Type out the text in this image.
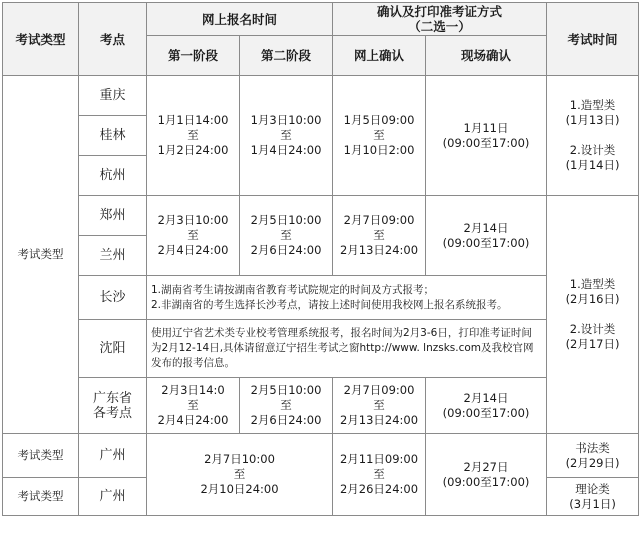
考试类型	考点	网上报名时间		确认及打印准考证方式
（二选一）		考试时间
		第一阶段	第二阶段	网上确认	现场确认	
考试类型	重庆	1月1日14:00
至
1月2日24:00	1月3日10:00
至
1月4日24:00	1月5日09:00
至
1月10日2:00	1月11日
(09:00至17:00)	1.造型类
(1月13日)

2.设计类
(1月14日)
	桂林					
	杭州					
	郑州	2月3日10:00
至
2月4日24:00	2月5日10:00
至
2月6日24:00	2月7日09:00
至
2月13日24:00	2月14日
(09:00至17:00)	1.造型类
(2月16日)

2.设计类
(2月17日)
	兰州					
	长沙	1.湖南省考生请按湖南省教育考试院规定的时间及方式报考；
2.非湖南省的考生选择长沙考点，请按上述时间使用我校网上报名系统报考。				
	沈阳	使用辽宁省艺术类专业校考管理系统报考，报名时间为2月3-6日，打印准考证时间为2月12-14日,具体请留意辽宁招生考试之窗http://www. lnzsks.com及我校官网发布的报考信息。				
	广东省
各考点	2月3日14:0
至
2月4日24:00	2月5日10:00
至
2月6日24:00	2月7日09:00
至
2月13日24:00	2月14日
(09:00至17:00)	
考试类型	广州	2月7日10:00
至
2月10日24:00		2月11日09:00
至
2月26日24:00	2月27日
(09:00至17:00)	书法类
(2月29日)
考试类型	广州					理论类
(3月1日)
